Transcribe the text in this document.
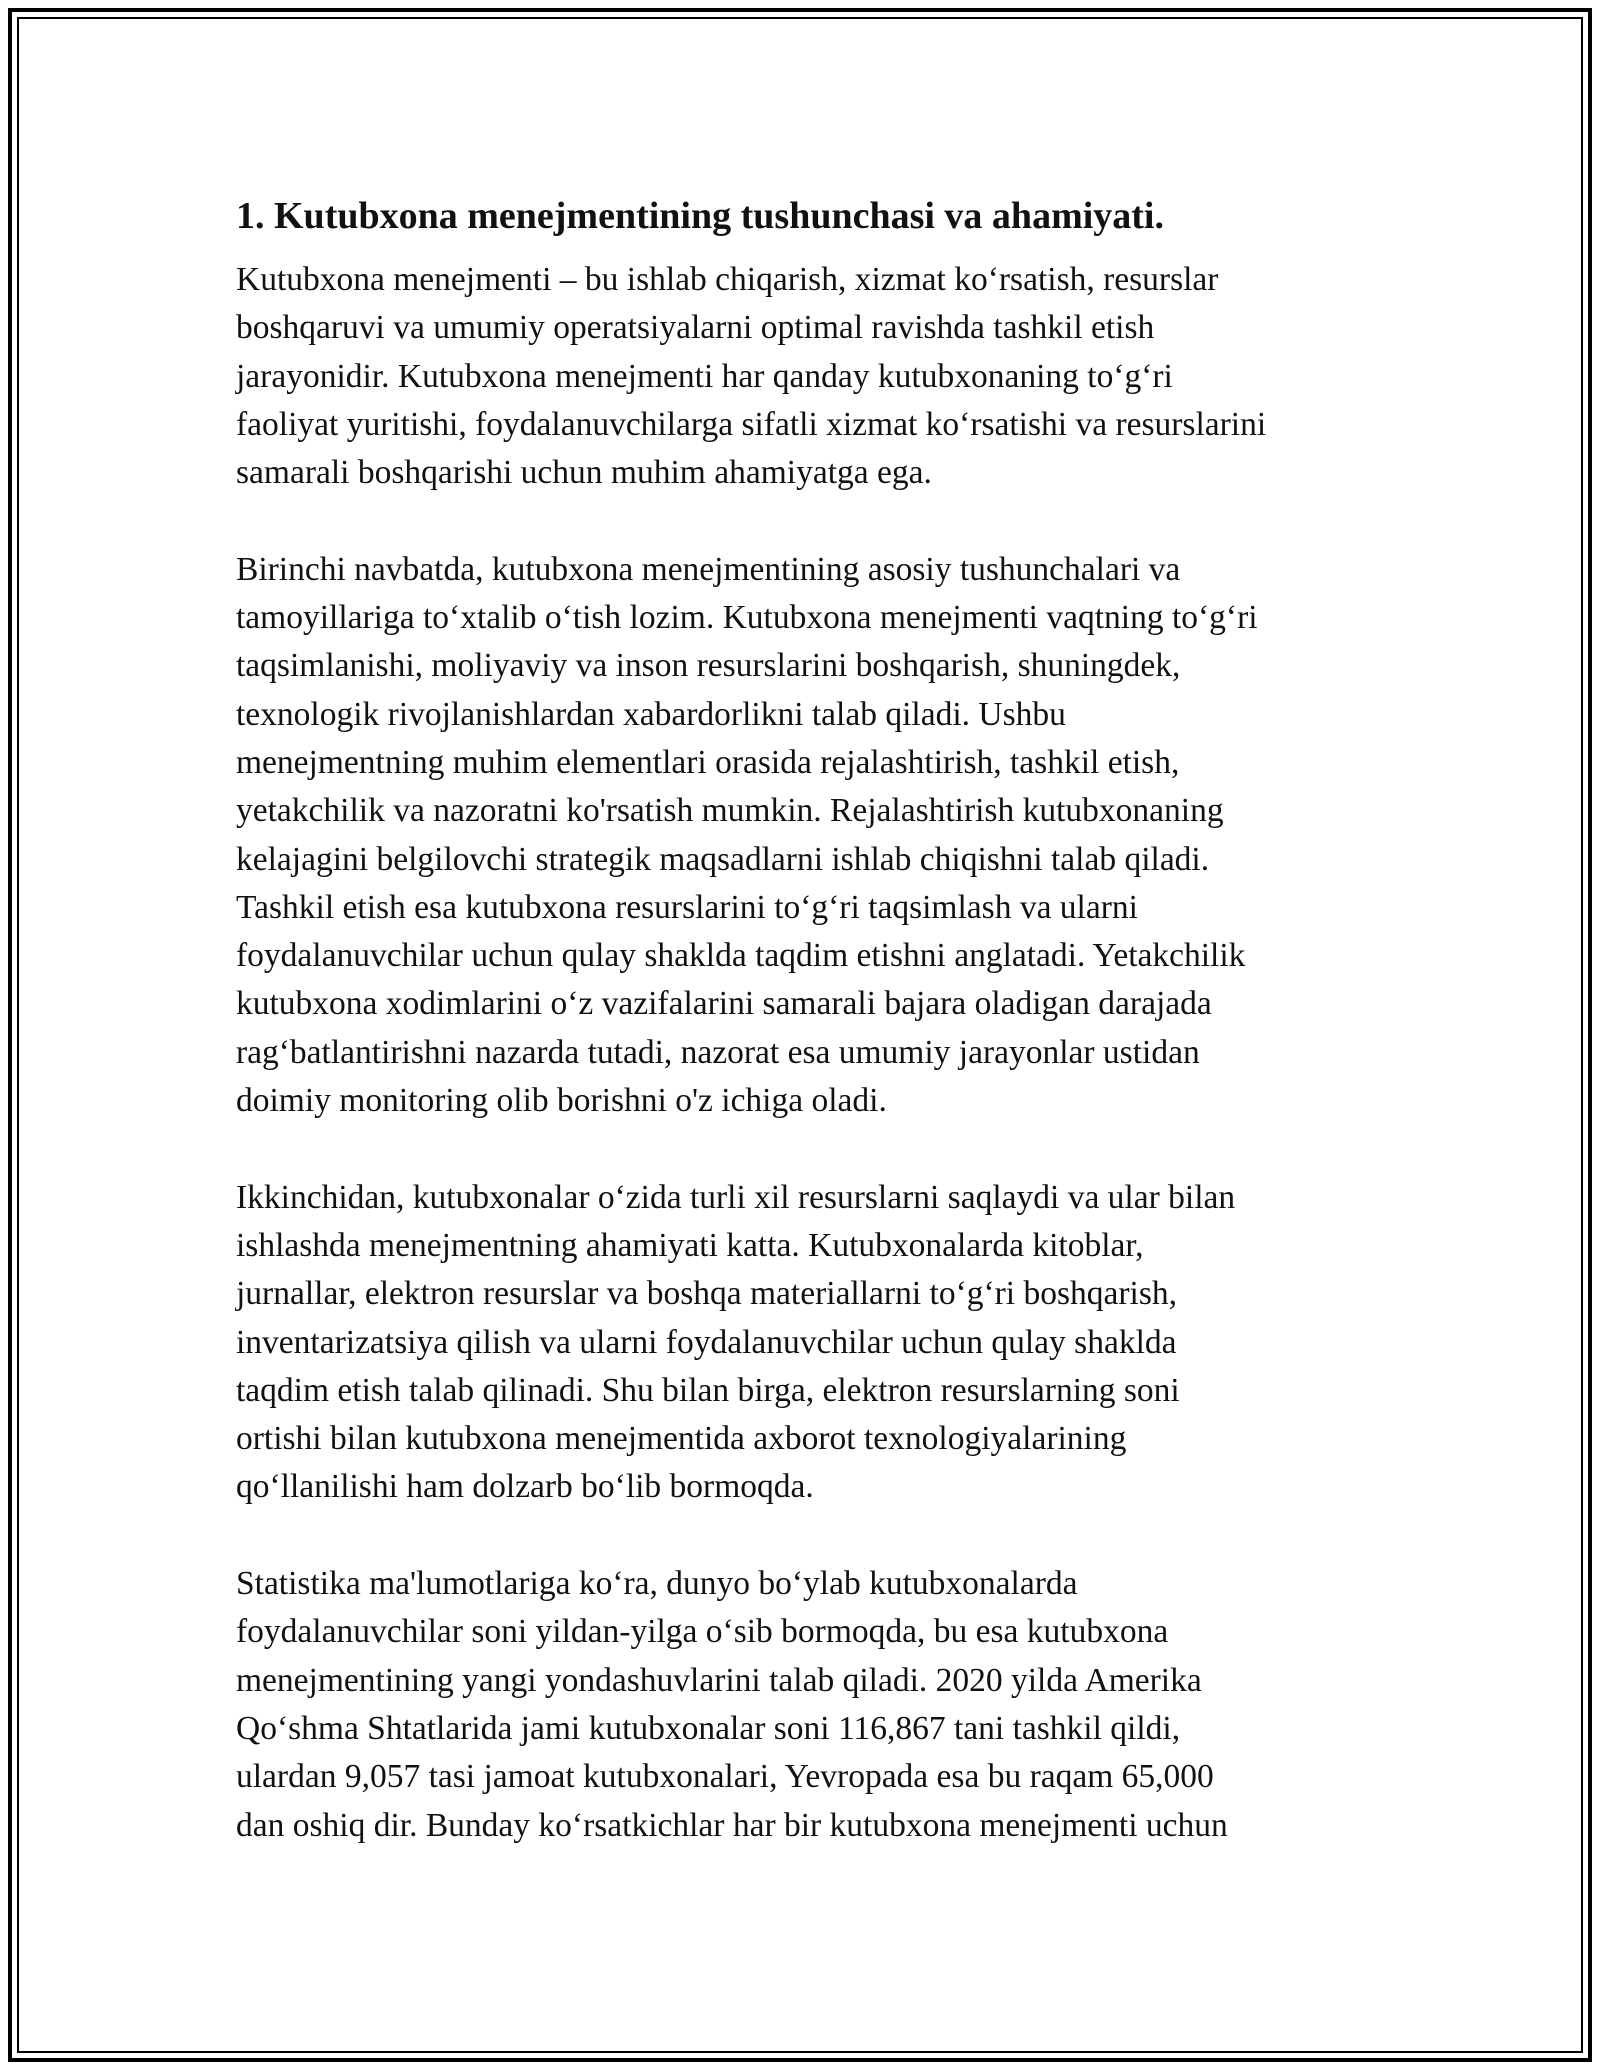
1. Kutubxona menejmentining tushunchasi va ahamiyati.
Kutubxona menejmenti – bu ishlab chiqarish, xizmat koʻrsatish, resurslar
boshqaruvi va umumiy operatsiyalarni optimal ravishda tashkil etish
jarayonidir. Kutubxona menejmenti har qanday kutubxonaning toʻgʻri
faoliyat yuritishi, foydalanuvchilarga sifatli xizmat koʻrsatishi va resurslarini
samarali boshqarishi uchun muhim ahamiyatga ega.
Birinchi navbatda, kutubxona menejmentining asosiy tushunchalari va
tamoyillariga toʻxtalib oʻtish lozim. Kutubxona menejmenti vaqtning toʻgʻri
taqsimlanishi, moliyaviy va inson resurslarini boshqarish, shuningdek,
texnologik rivojlanishlardan xabardorlikni talab qiladi. Ushbu
menejmentning muhim elementlari orasida rejalashtirish, tashkil etish,
yetakchilik va nazoratni ko'rsatish mumkin. Rejalashtirish kutubxonaning
kelajagini belgilovchi strategik maqsadlarni ishlab chiqishni talab qiladi.
Tashkil etish esa kutubxona resurslarini toʻgʻri taqsimlash va ularni
foydalanuvchilar uchun qulay shaklda taqdim etishni anglatadi. Yetakchilik
kutubxona xodimlarini oʻz vazifalarini samarali bajara oladigan darajada
ragʻbatlantirishni nazarda tutadi, nazorat esa umumiy jarayonlar ustidan
doimiy monitoring olib borishni o'z ichiga oladi.
Ikkinchidan, kutubxonalar oʻzida turli xil resurslarni saqlaydi va ular bilan
ishlashda menejmentning ahamiyati katta. Kutubxonalarda kitoblar,
jurnallar, elektron resurslar va boshqa materiallarni toʻgʻri boshqarish,
inventarizatsiya qilish va ularni foydalanuvchilar uchun qulay shaklda
taqdim etish talab qilinadi. Shu bilan birga, elektron resurslarning soni
ortishi bilan kutubxona menejmentida axborot texnologiyalarining
qoʻllanilishi ham dolzarb boʻlib bormoqda.
Statistika ma'lumotlariga koʻra, dunyo boʻylab kutubxonalarda
foydalanuvchilar soni yildan-yilga oʻsib bormoqda, bu esa kutubxona
menejmentining yangi yondashuvlarini talab qiladi. 2020 yilda Amerika
Qoʻshma Shtatlarida jami kutubxonalar soni 116,867 tani tashkil qildi,
ulardan 9,057 tasi jamoat kutubxonalari, Yevropada esa bu raqam 65,000
dan oshiq dir. Bunday koʻrsatkichlar har bir kutubxona menejmenti uchun
